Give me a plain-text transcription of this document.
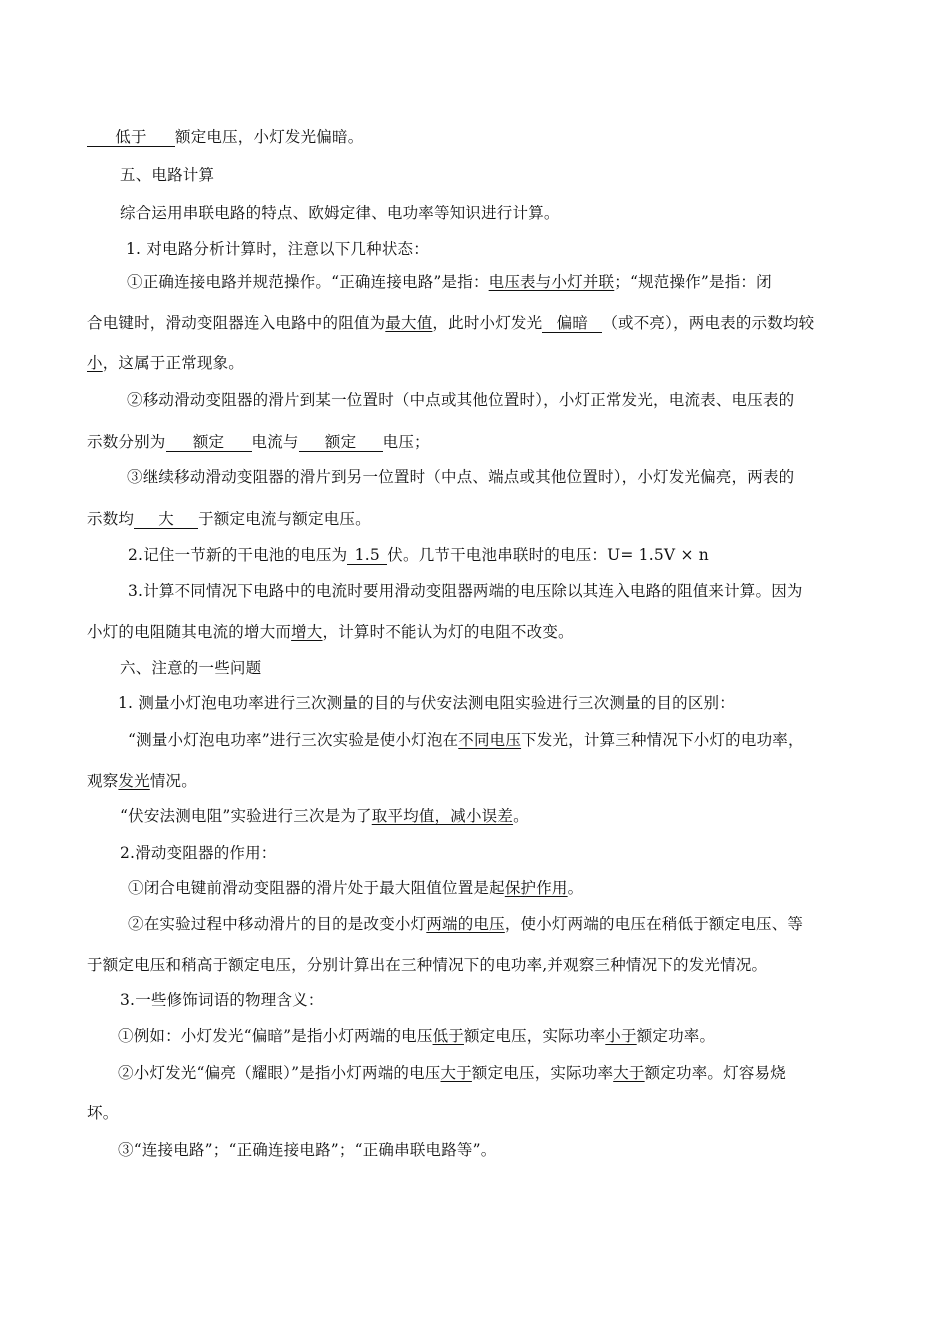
低于 额定电压，小灯发光偏暗。
五、电路计算
综合运用串联电路的特点、欧姆定律、电功率等知识进行计算。
1. 对电路分析计算时，注意以下几种状态：
①正确连接电路并规范操作。“正确连接电路”是指：电压表与小灯并联；“规范操作”是指：闭
合电键时，滑动变阻器连入电路中的阻值为最大值，此时小灯发光 偏暗 （或不亮），两电表的示数均较
小，这属于正常现象。
②移动滑动变阻器的滑片到某一位置时（中点或其他位置时），小灯正常发光，电流表、电压表的
示数分别为 额定 电流与 额定 电压；
③继续移动滑动变阻器的滑片到另一位置时（中点、端点或其他位置时），小灯发光偏亮，两表的
示数均 大 于额定电流与额定电压。
2.记住一节新的干电池的电压为 1.5 伏。几节干电池串联时的电压：U= 1.5V × n
3.计算不同情况下电路中的电流时要用滑动变阻器两端的电压除以其连入电路的阻值来计算。因为
小灯的电阻随其电流的增大而增大，计算时不能认为灯的电阻不改变。
六、注意的一些问题
1. 测量小灯泡电功率进行三次测量的目的与伏安法测电阻实验进行三次测量的目的区别：
“测量小灯泡电功率”进行三次实验是使小灯泡在不同电压下发光，计算三种情况下小灯的电功率，
观察发光情况。
“伏安法测电阻”实验进行三次是为了取平均值，减小误差。
2.滑动变阻器的作用：
①闭合电键前滑动变阻器的滑片处于最大阻值位置是起保护作用。
②在实验过程中移动滑片的目的是改变小灯两端的电压，使小灯两端的电压在稍低于额定电压、等
于额定电压和稍高于额定电压，分别计算出在三种情况下的电功率,并观察三种情况下的发光情况。
3.一些修饰词语的物理含义：
①例如：小灯发光“偏暗”是指小灯两端的电压低于额定电压，实际功率小于额定功率。
②小灯发光“偏亮（耀眼）”是指小灯两端的电压大于额定电压，实际功率大于额定功率。灯容易烧
坏。
③“连接电路”；“正确连接电路”；“正确串联电路等”。
